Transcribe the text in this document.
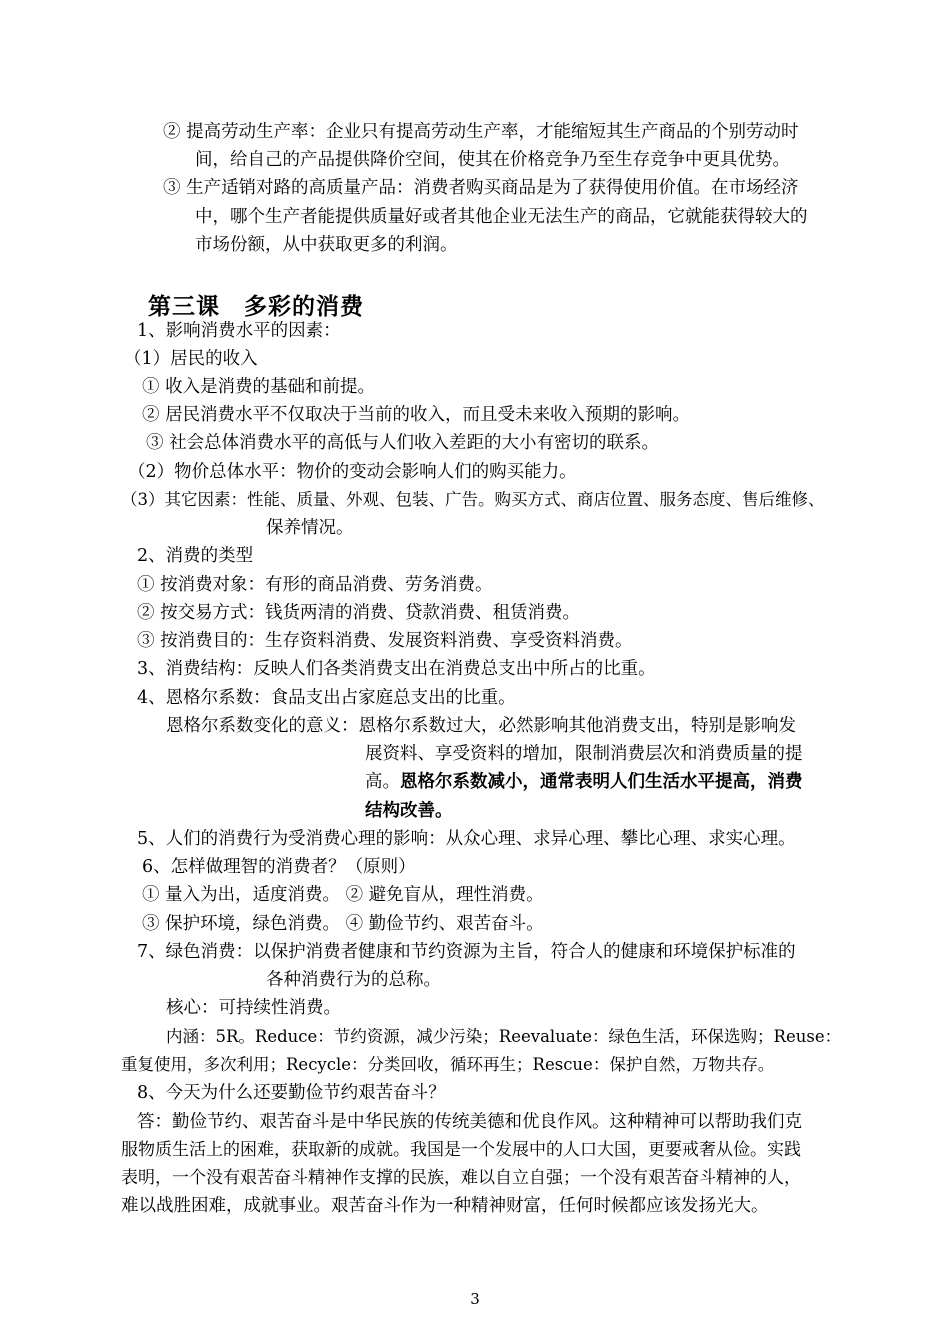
② 提高劳动生产率：企业只有提高劳动生产率，才能缩短其生产商品的个别劳动时
间，给自己的产品提供降价空间，使其在价格竞争乃至生存竞争中更具优势。
③ 生产适销对路的高质量产品：消费者购买商品是为了获得使用价值。在市场经济
中，哪个生产者能提供质量好或者其他企业无法生产的商品，它就能获得较大的
市场份额，从中获取更多的利润。
第三课　多彩的消费
1、影响消费水平的因素：
（1）居民的收入
① 收入是消费的基础和前提。
② 居民消费水平不仅取决于当前的收入，而且受未来收入预期的影响。
③ 社会总体消费水平的高低与人们收入差距的大小有密切的联系。
（2）物价总体水平：物价的变动会影响人们的购买能力。
（3）其它因素：性能、质量、外观、包装、广告。购买方式、商店位置、服务态度、售后维修、
保养情况。
2、消费的类型
① 按消费对象：有形的商品消费、劳务消费。
② 按交易方式：钱货两清的消费、贷款消费、租赁消费。
③ 按消费目的：生存资料消费、发展资料消费、享受资料消费。
3、消费结构：反映人们各类消费支出在消费总支出中所占的比重。
4、恩格尔系数：食品支出占家庭总支出的比重。
恩格尔系数变化的意义：恩格尔系数过大，必然影响其他消费支出，特别是影响发
展资料、享受资料的增加，限制消费层次和消费质量的提
高。恩格尔系数减小，通常表明人们生活水平提高，消费
结构改善。
5、人们的消费行为受消费心理的影响：从众心理、求异心理、攀比心理、求实心理。
6、怎样做理智的消费者？（原则）
① 量入为出，适度消费。 ② 避免盲从，理性消费。
③ 保护环境，绿色消费。 ④ 勤俭节约、艰苦奋斗。
7、绿色消费：以保护消费者健康和节约资源为主旨，符合人的健康和环境保护标准的
各种消费行为的总称。
核心：可持续性消费。
内涵：5R。Reduce：节约资源，减少污染；Reevaluate：绿色生活，环保选购；Reuse：
重复使用，多次利用；Recycle：分类回收，循环再生；Rescue：保护自然，万物共存。
8、今天为什么还要勤俭节约艰苦奋斗？
答：勤俭节约、艰苦奋斗是中华民族的传统美德和优良作风。这种精神可以帮助我们克
服物质生活上的困难，获取新的成就。我国是一个发展中的人口大国，更要戒奢从俭。实践
表明，一个没有艰苦奋斗精神作支撑的民族，难以自立自强；一个没有艰苦奋斗精神的人，
难以战胜困难，成就事业。艰苦奋斗作为一种精神财富，任何时候都应该发扬光大。
3
